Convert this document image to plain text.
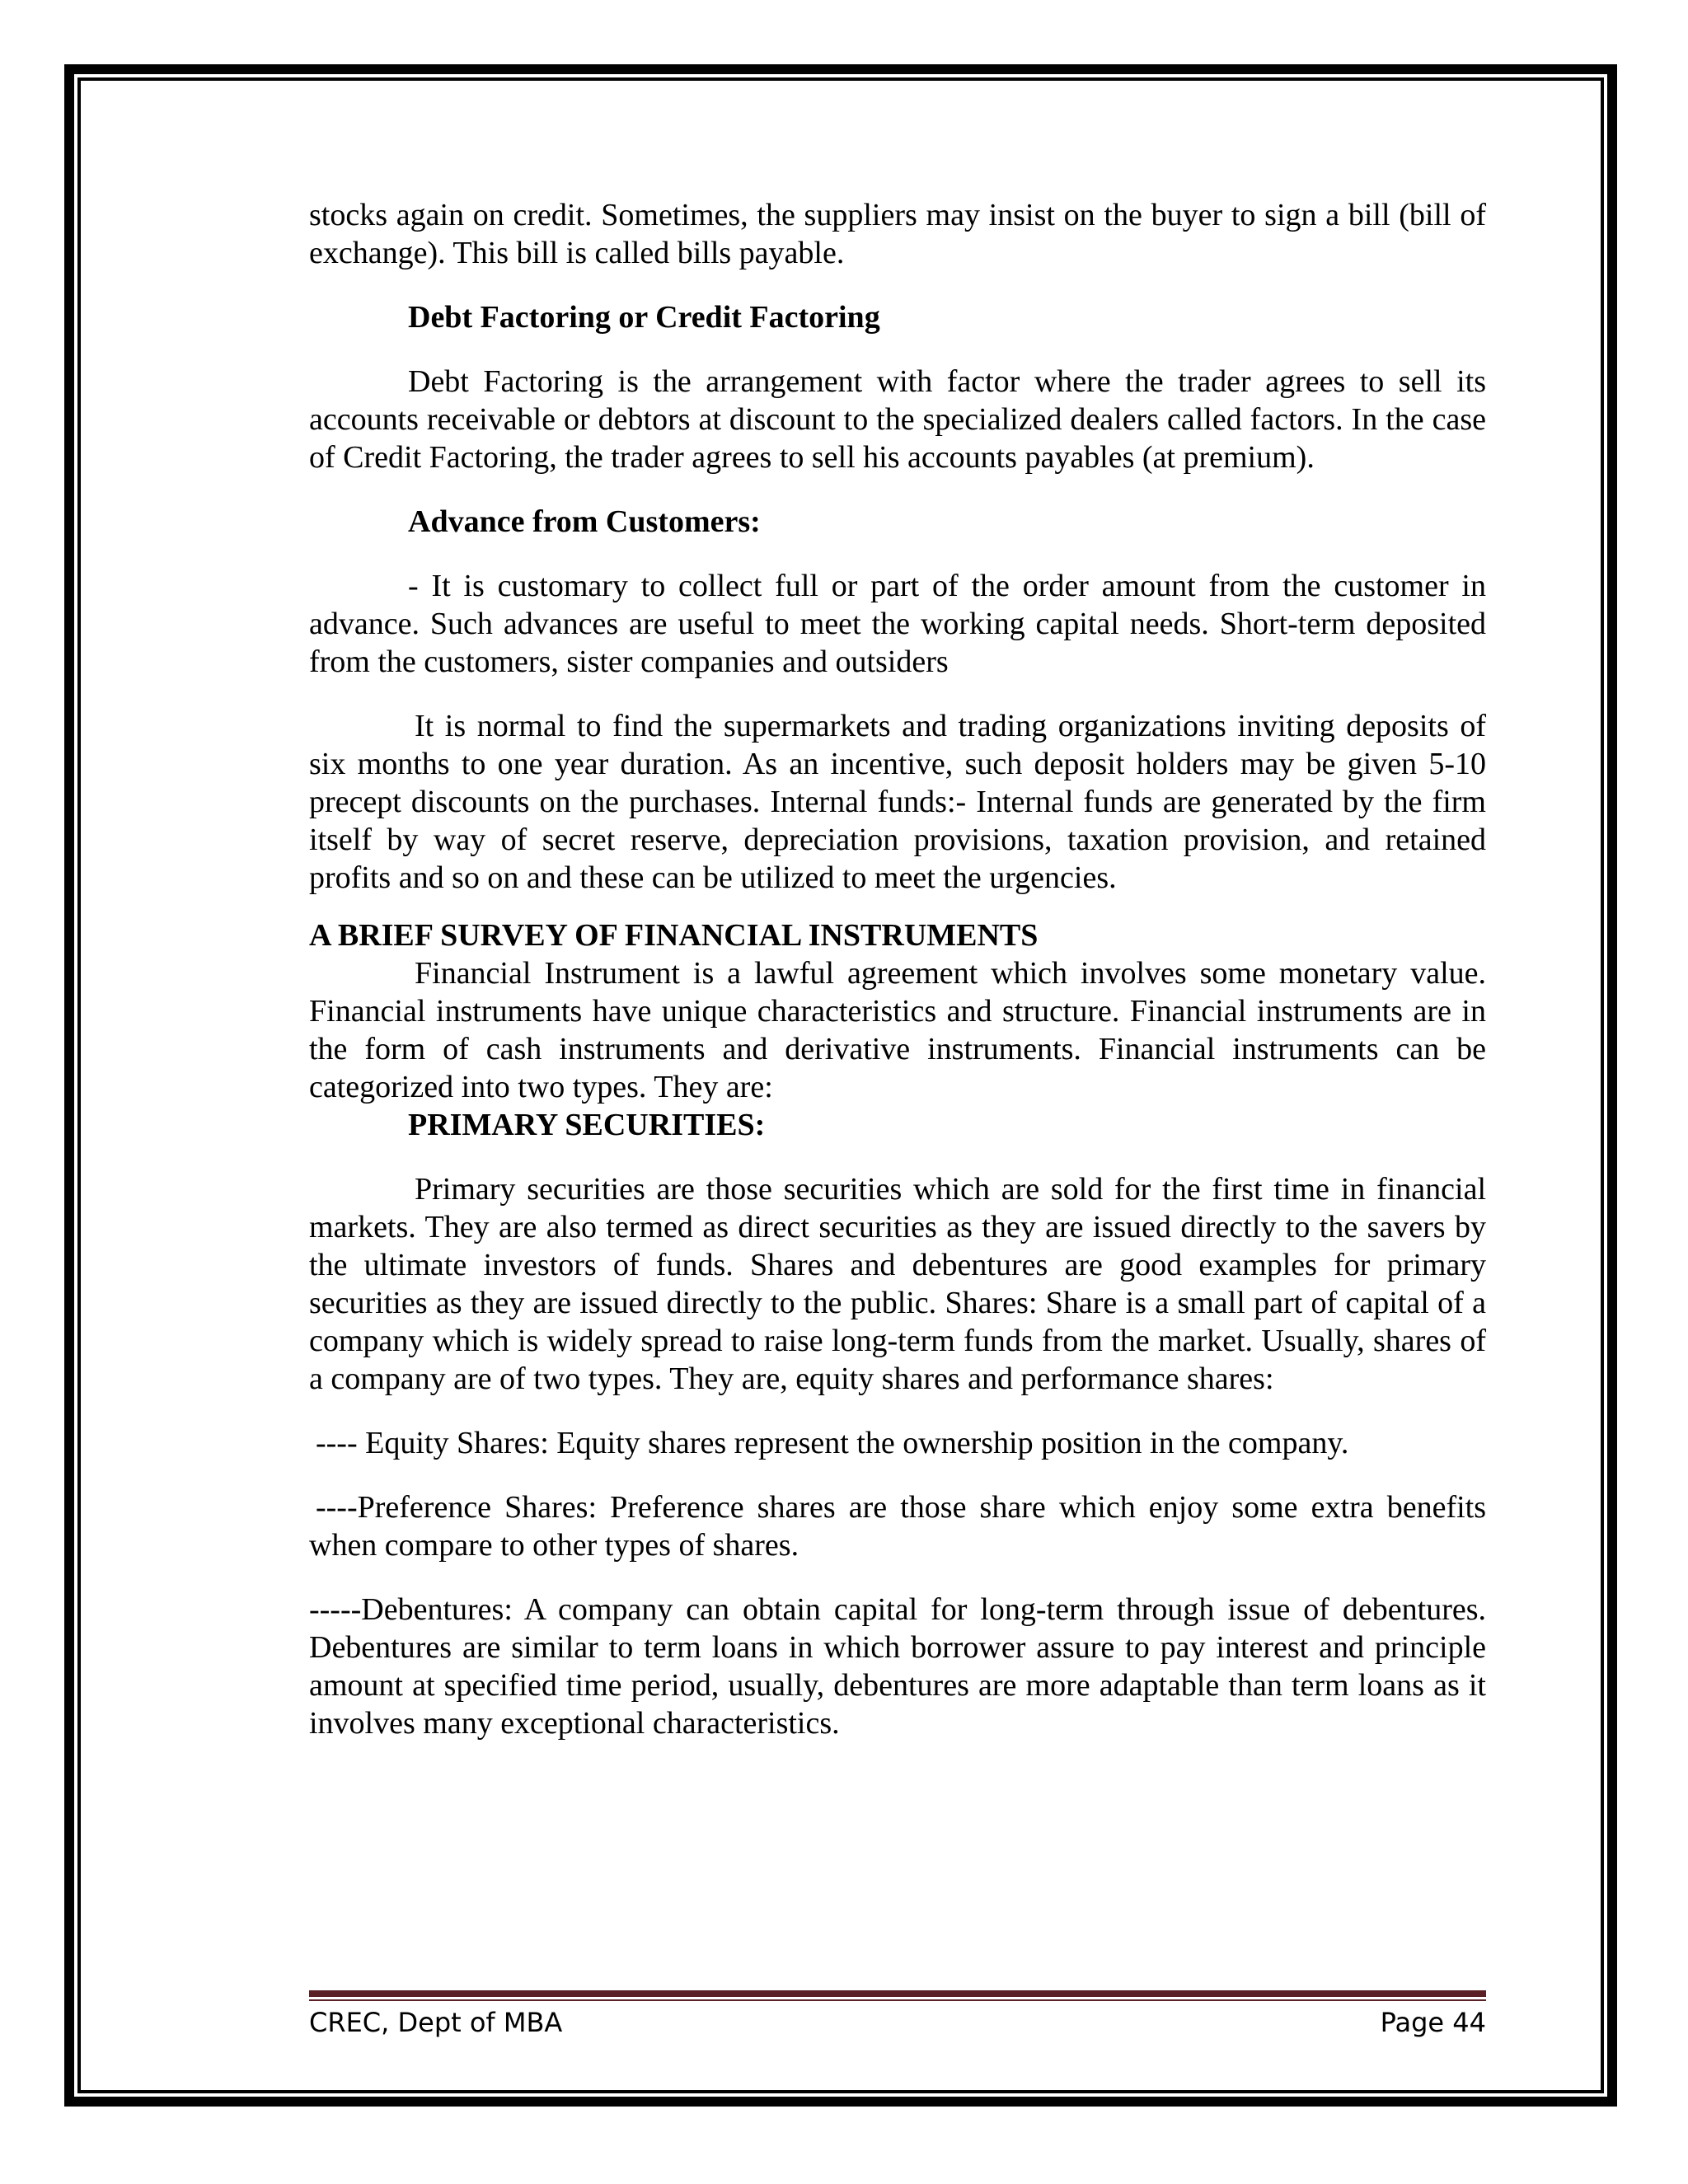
stocks again on credit. Sometimes, the suppliers may insist on the buyer to sign a bill (bill of exchange). This bill is called bills payable.

Debt Factoring or Credit Factoring

Debt Factoring is the arrangement with factor where the trader agrees to sell its accounts receivable or debtors at discount to the specialized dealers called factors. In the case of Credit Factoring, the trader agrees to sell his accounts payables (at premium).

Advance from Customers:

- It is customary to collect full or part of the order amount from the customer in advance. Such advances are useful to meet the working capital needs. Short-term deposited from the customers, sister companies and outsiders

It is normal to find the supermarkets and trading organizations inviting deposits of six months to one year duration. As an incentive, such deposit holders may be given 5-10 precept discounts on the purchases. Internal funds:- Internal funds are generated by the firm itself by way of secret reserve, depreciation provisions, taxation provision, and retained profits and so on and these can be utilized to meet the urgencies.

A BRIEF SURVEY OF FINANCIAL INSTRUMENTS

Financial Instrument is a lawful agreement which involves some monetary value. Financial instruments have unique characteristics and structure. Financial instruments are in the form of cash instruments and derivative instruments. Financial instruments can be categorized into two types. They are:

PRIMARY SECURITIES:

Primary securities are those securities which are sold for the first time in financial markets. They are also termed as direct securities as they are issued directly to the savers by the ultimate investors of funds. Shares and debentures are good examples for primary securities as they are issued directly to the public. Shares: Share is a small part of capital of a company which is widely spread to raise long-term funds from the market. Usually, shares of a company are of two types. They are, equity shares and performance shares:

---- Equity Shares: Equity shares represent the ownership position in the company.

----Preference Shares: Preference shares are those share which enjoy some extra benefits when compare to other types of shares.

-----Debentures: A company can obtain capital for long-term through issue of debentures. Debentures are similar to term loans in which borrower assure to pay interest and principle amount at specified time period, usually, debentures are more adaptable than term loans as it involves many exceptional characteristics.

CREC, Dept of MBA	Page 44
